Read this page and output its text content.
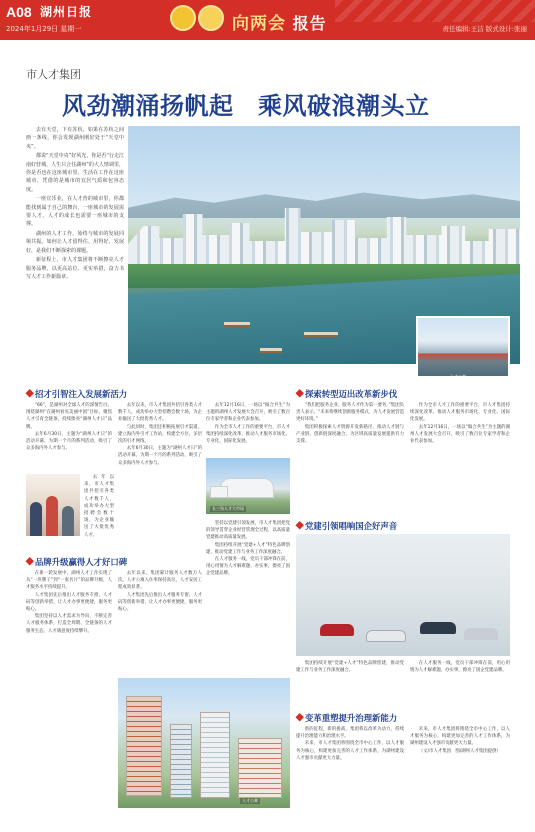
A08 湖州日报
2024年1月29日 星期一	向两会 报告	责任编辑:王洁 版式设计:张丽
市人才集团
风劲潮涌扬帆起　乘风破浪潮头立

去有天堂，下有苏杭，如果在苏杭之间画一条线，你会发现湖州刚好处于“天堂中央”。

都说“天堂中央”好风光，你是否“行走江南好营城，人生只合住湖州”的大人情调里，你是否也在这座城市里，生活在工作在这座城市，凭借的是城市的宜居气质和包容态度。

一座宜乐业，在人才营的城市里，你都能找到属于自己的舞台，一座城市的发展需要人才，人才的成长也需要一座城市的支撑。

湖州的人才工作，始终与城市的发展同频共振。如何让人才留得住、用得好、发展好，是我们不断探索的课题。

新征程上，市人才集团将不断擦亮人才服务品牌，以更高站位、更实举措，奋力书写人才工作新篇章。

人才公寓
招才引智注入发展新活力

“66”，是湖州对全球人才的深情告白。围绕湖州“在湖州看见美丽中国”目标，聚焦人才引育全链条，持续擦亮“湖州人才日”品牌。

去年6月30日，主题为“湖州人才日”的活动开幕，为期一个月的系列活动，吸引了众多海内外人才参与。

去年以来，市人才集团共招引各类人才数千人，成功举办大型招聘会数十场，为企业输送了大批优秀人才。

去年以来，市人才集团共招引各类人才数千人，成功举办大型招聘会数十场，为企业输送了大批优秀人才。

与此同时，集团还积极拓展引才渠道，建立海内外引才工作站，构建全方位、多层次的引才网络。

去年6月30日，主题为“湖州人才日”的活动开幕，为期一个月的系列活动，吸引了众多海内外人才参与。

去年12月16日，一场以“做合共生”为主题的湖州人才发展大会召开，吸引了数百位专家学者和企业代表参加。

作为全市人才工作的重要平台，市人才集团持续深化改革，推动人才服务市场化、专业化、国际化发展。

长三角人才大市场
探索转型迈出改革新步伐

“我们把服务企业、服务人才作为第一要务，”集团负责人表示，“未来将继续创新服务模式，为人才发展营造更好环境。”

集团积极探索人才资源开发新路径，推动人才链与产业链、创新链深度融合，为区域高质量发展提供有力支撑。

作为全市人才工作的重要平台，市人才集团持续深化改革，推动人才服务市场化、专业化、国际化发展。

去年12月16日，一场以“做合共生”为主题的湖州人才发展大会召开，吸引了数百位专家学者和企业代表参加。

品牌升级赢得人才好口碑

在新一轮发展中，湖州人才工作实现了从“一块牌子”到“一张名片”的品牌升级，人才服务水平持续提升。

人才集团先后推出人才服务专窗、人才码等创新举措，让人才办事更便捷，服务更贴心。

集团坚持以人才需求为导向，不断完善人才服务体系，打造全周期、全链条的人才服务生态，人才满意度持续攀升。

去年以来，集团累计服务人才数万人次，人才公寓入住率保持高位，人才安居工程成效显著。

人才集团先后推出人才服务专窗、人才码等创新举措，让人才办事更便捷，服务更贴心。

坚持以党建引领发展，市人才集团把党的领导贯穿企业经营管理全过程，以高质量党建推动高质量发展。

集团持续开展“党建+人才”特色品牌创建，推动党建工作与业务工作深度融合。

在人才服务一线，党员干部冲锋在前，用心用情为人才解难题、办实事，擦亮了国企党建品牌。

人才公寓
党建引领唱响国企好声音

集团持续开展“党建+人才”特色品牌创建，推动党建工作与业务工作深度融合。

在人才服务一线，党员干部冲锋在前，用心用情为人才解难题、办实事，擦亮了国企党建品牌。

变革重塑提升治理新能力

新的征程，新的挑战，集团将以改革为动力，持续提升治理能力和治理水平。

未来，市人才集团将围绕全市中心工作，以人才服务为核心，构建更加完善的人才工作体系，为湖州建设人才强市贡献更大力量。

未来，市人才集团将围绕全市中心工作，以人才服务为核心，构建更加完善的人才工作体系，为湖州建设人才强市贡献更大力量。

（文/市人才集团　图/湖州人才集团提供）
